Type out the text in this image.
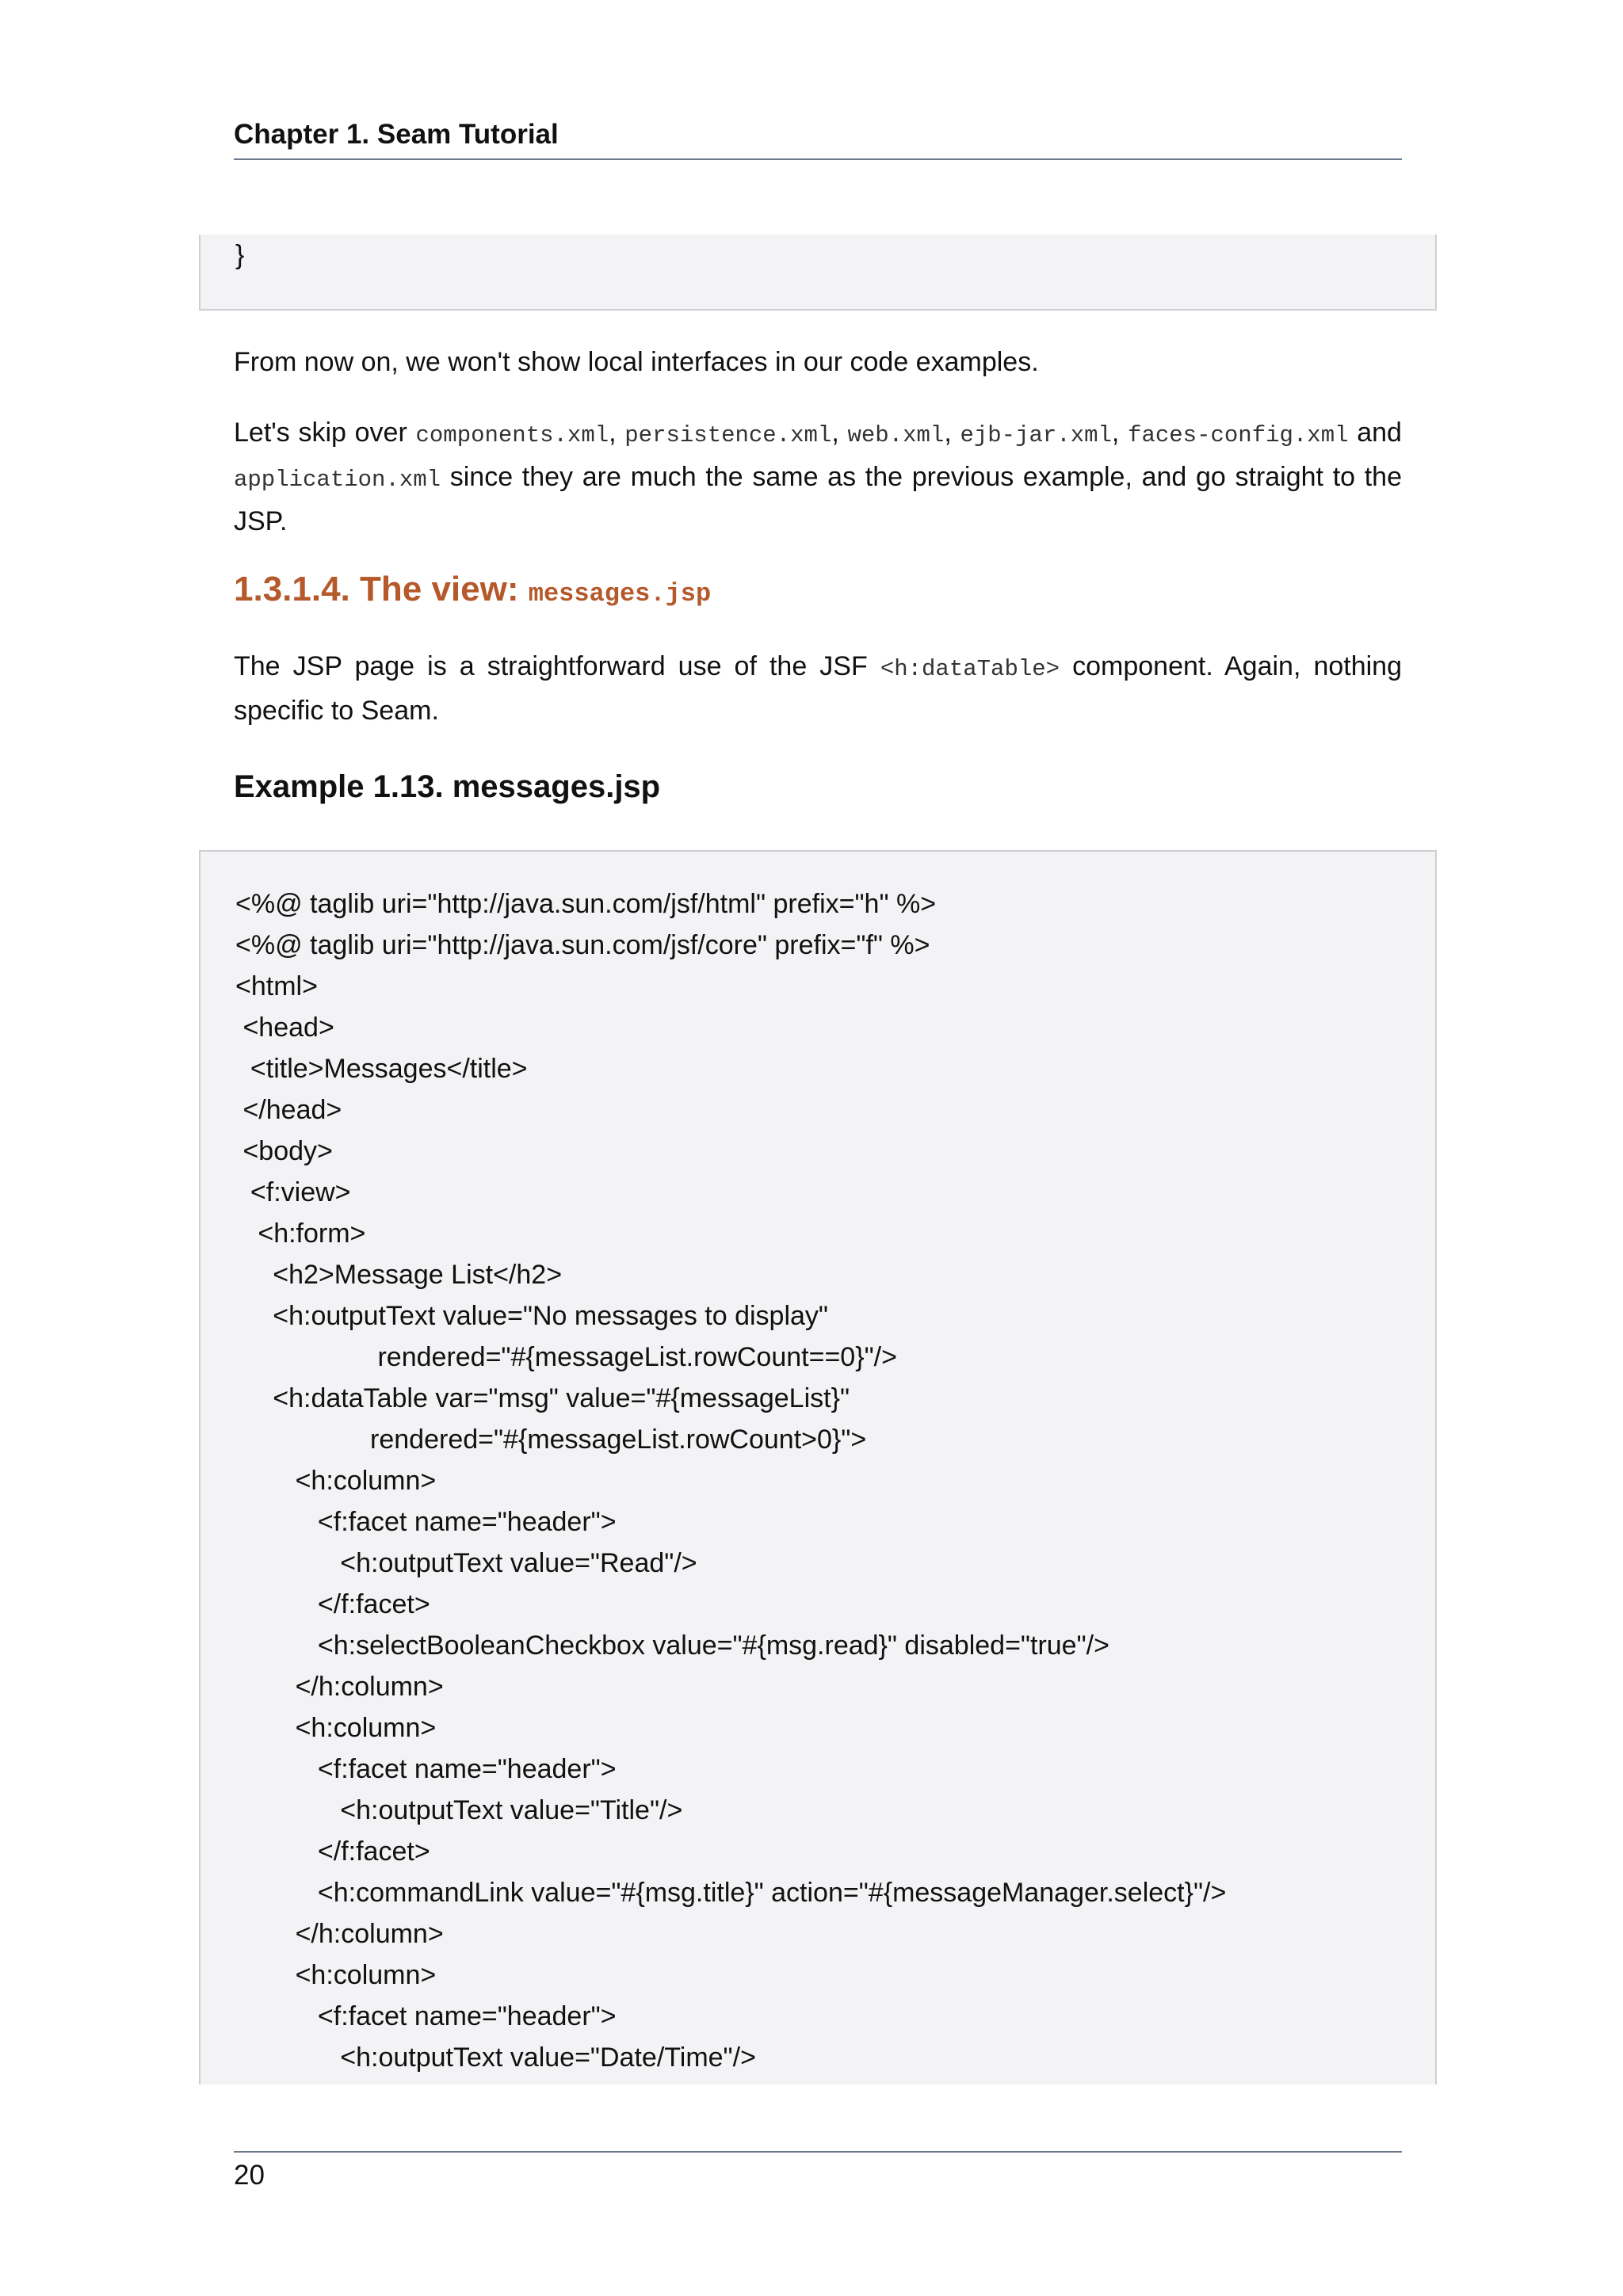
Chapter 1. Seam Tutorial
}
From now on, we won't show local interfaces in our code examples.
Let's skip over components.xml, persistence.xml, web.xml, ejb-jar.xml, faces-config.xml and application.xml since they are much the same as the previous example, and go straight to the JSP.
1.3.1.4. The view: messages.jsp
The JSP page is a straightforward use of the JSF <h:dataTable> component. Again, nothing specific to Seam.
Example 1.13. messages.jsp
<%@ taglib uri="http://java.sun.com/jsf/html" prefix="h" %>
<%@ taglib uri="http://java.sun.com/jsf/core" prefix="f" %>
<html>
<head>
<title>Messages</title>
</head>
<body>
<f:view>
<h:form>
<h2>Message List</h2>
<h:outputText value="No messages to display"
rendered="#{messageList.rowCount==0}"/>
<h:dataTable var="msg" value="#{messageList}"
rendered="#{messageList.rowCount>0}">
<h:column>
<f:facet name="header">
<h:outputText value="Read"/>
</f:facet>
<h:selectBooleanCheckbox value="#{msg.read}" disabled="true"/>
</h:column>
<h:column>
<f:facet name="header">
<h:outputText value="Title"/>
</f:facet>
<h:commandLink value="#{msg.title}" action="#{messageManager.select}"/>
</h:column>
<h:column>
<f:facet name="header">
<h:outputText value="Date/Time"/>
20
